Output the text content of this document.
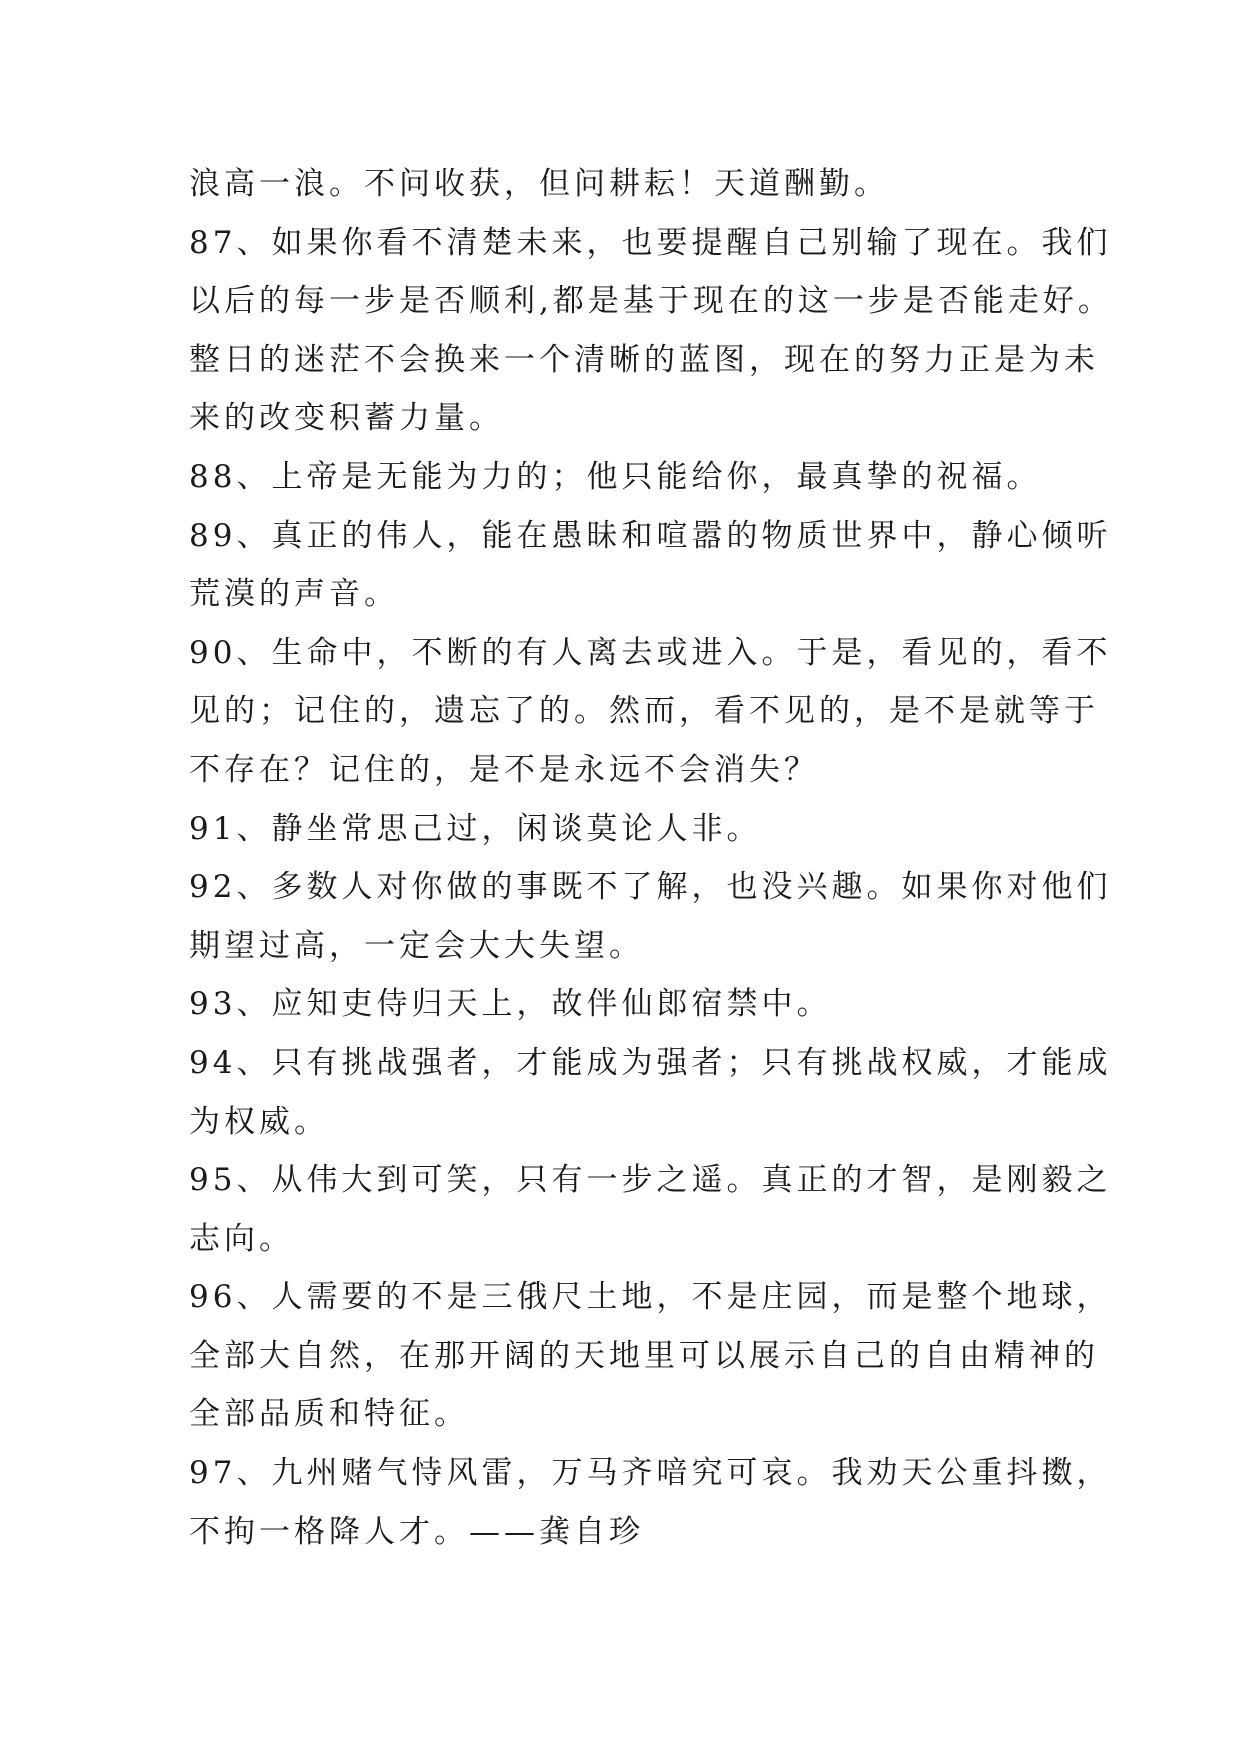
浪高一浪。不问收获，但问耕耘！天道酬勤。
87、如果你看不清楚未来，也要提醒自己别输了现在。我们
以后的每一步是否顺利,都是基于现在的这一步是否能走好。
整日的迷茫不会换来一个清晰的蓝图，现在的努力正是为未
来的改变积蓄力量。
88、上帝是无能为力的；他只能给你，最真挚的祝福。
89、真正的伟人，能在愚昧和喧嚣的物质世界中，静心倾听
荒漠的声音。
90、生命中，不断的有人离去或进入。于是，看见的，看不
见的；记住的，遗忘了的。然而，看不见的，是不是就等于
不存在？记住的，是不是永远不会消失？
91、静坐常思己过，闲谈莫论人非。
92、多数人对你做的事既不了解，也没兴趣。如果你对他们
期望过高，一定会大大失望。
93、应知吏侍归天上，故伴仙郎宿禁中。
94、只有挑战强者，才能成为强者；只有挑战权威，才能成
为权威。
95、从伟大到可笑，只有一步之遥。真正的才智，是刚毅之
志向。
96、人需要的不是三俄尺土地，不是庄园，而是整个地球，
全部大自然，在那开阔的天地里可以展示自己的自由精神的
全部品质和特征。
97、九州赌气恃风雷，万马齐喑究可哀。我劝天公重抖擞，
不拘一格降人才。——龚自珍
